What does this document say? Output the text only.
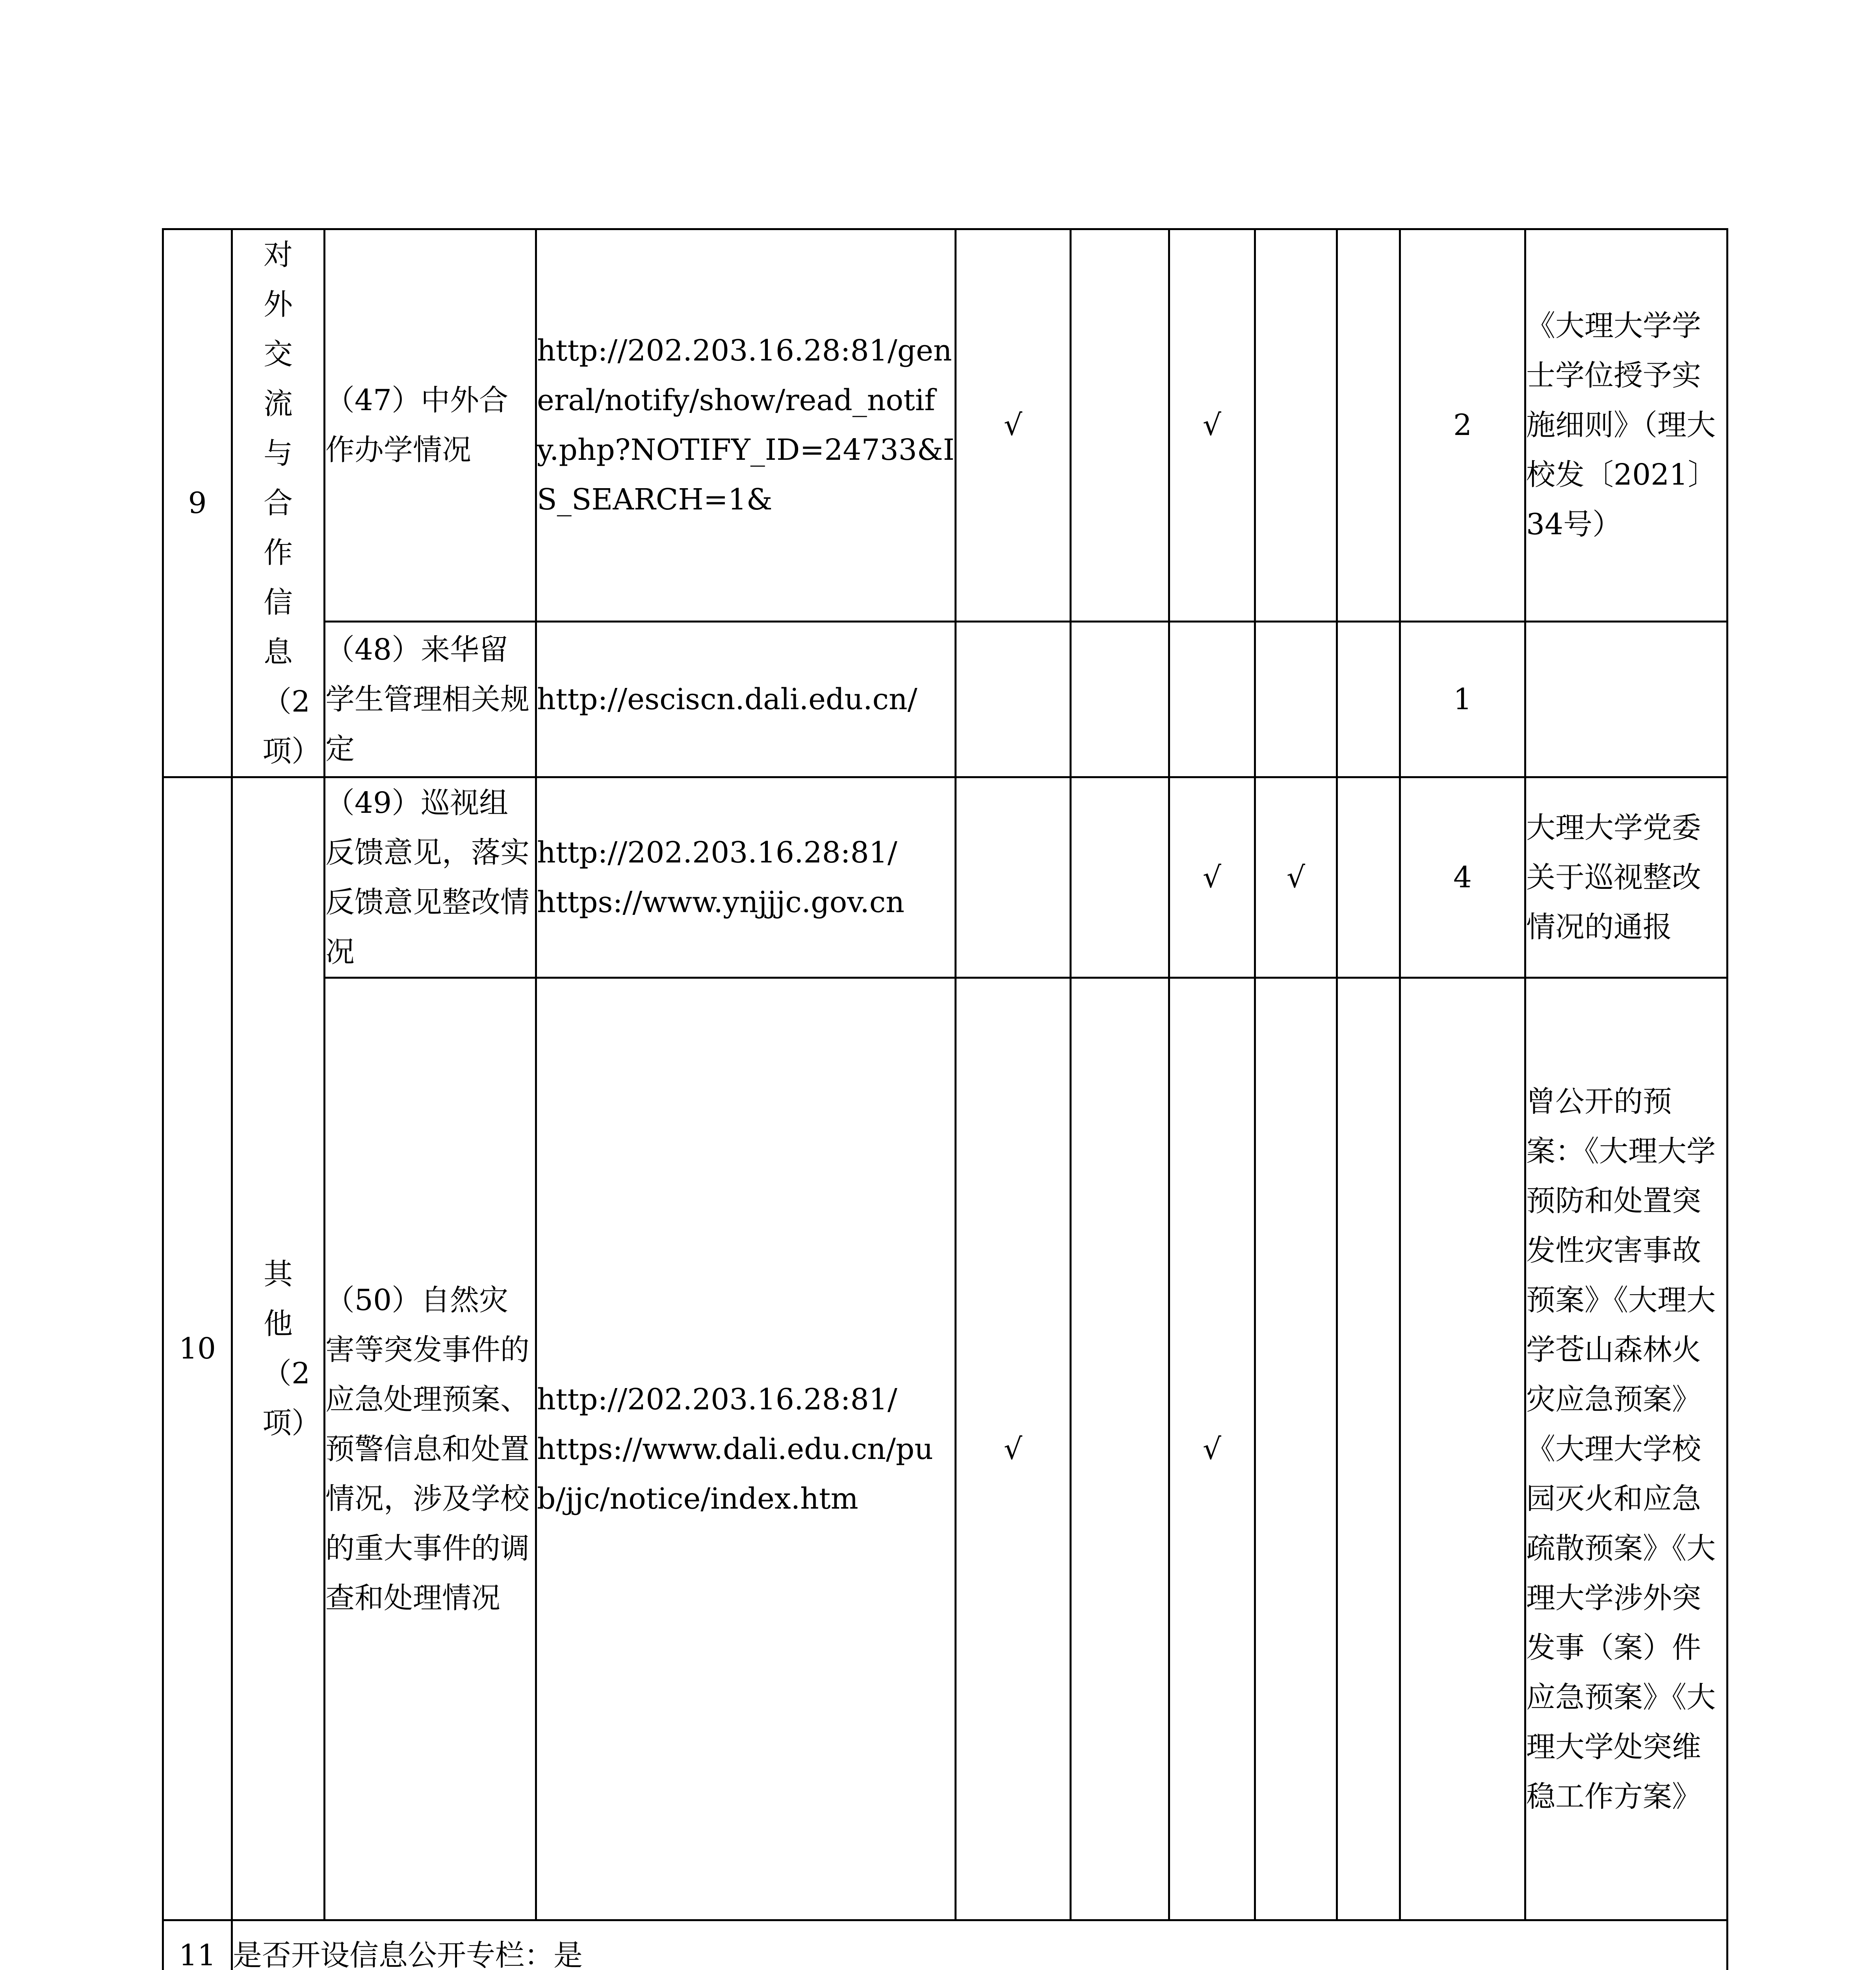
9	对外交流与合作信息（2项）	（47）中外合作办学情况	http://202.203.16.28:81/general/notify/show/read_notify.php?NOTIFY_ID=24733&IS_SEARCH=1&	√		√			2	《大理大学学士学位授予实施细则》（理大校发〔2021〕34号）
		（48）来华留学生管理相关规定	http://esciscn.dali.edu.cn/						1	
10	其他（2项）	（49）巡视组反馈意见，落实反馈意见整改情况	http://202.203.16.28:81/
https://www.ynjjjc.gov.cn			√	√		4	大理大学党委关于巡视整改情况的通报
		（50）自然灾害等突发事件的应急处理预案、预警信息和处置情况，涉及学校的重大事件的调查和处理情况	http://202.203.16.28:81/
https://www.dali.edu.cn/pub/jjc/notice/index.htm	√		√				曾公开的预案：《大理大学预防和处置突发性灾害事故预案》《大理大学苍山森林火灾应急预案》《大理大学校园灭火和应急疏散预案》《大理大学涉外突发事（案）件应急预案》《大理大学处突维稳工作方案》
11	是否开设信息公开专栏：是									
